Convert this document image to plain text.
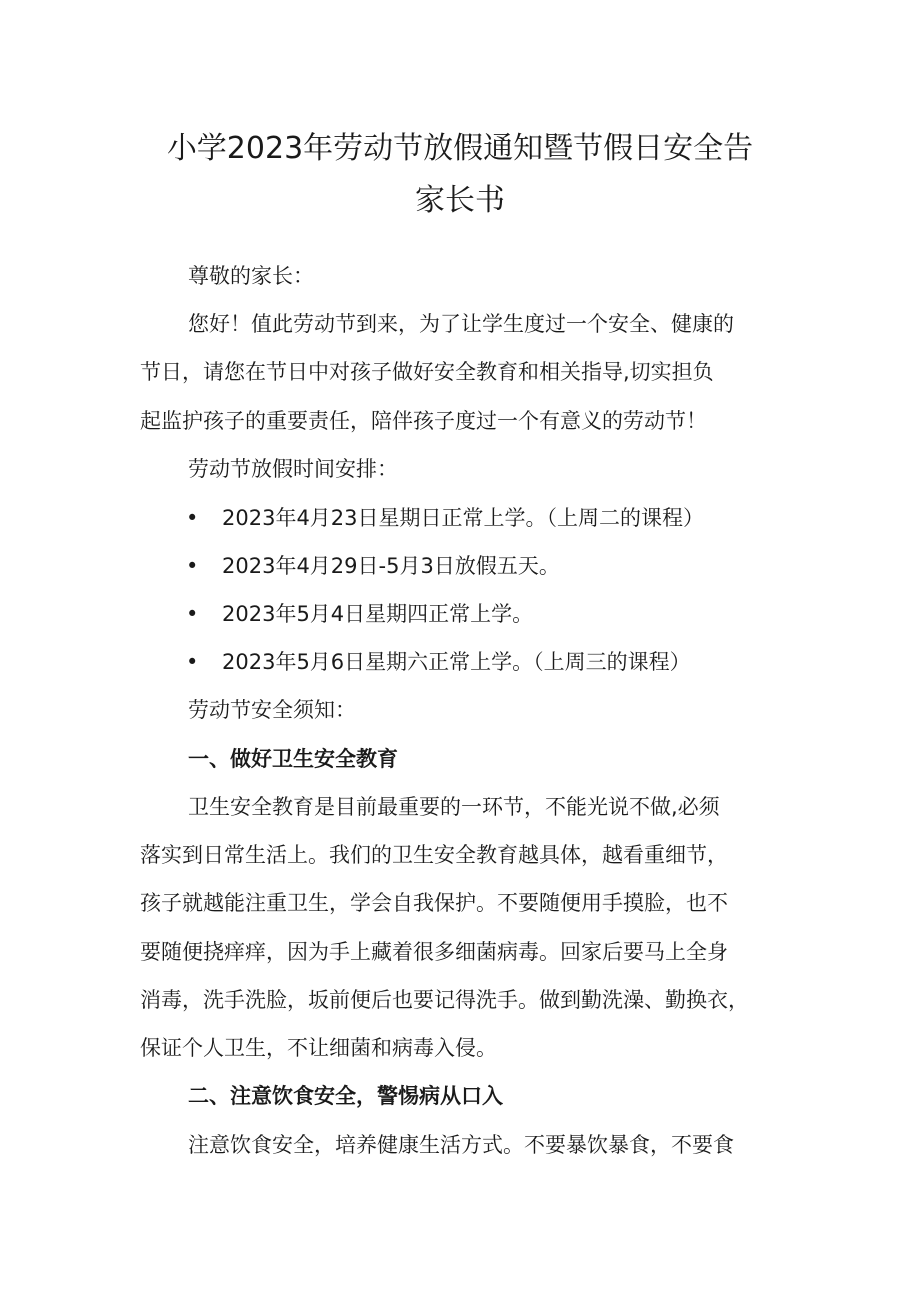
小学2023年劳动节放假通知暨节假日安全告
家长书

尊敬的家长：

您好！值此劳动节到来，为了让学生度过一个安全、健康的

节日，请您在节日中对孩子做好安全教育和相关指导,切实担负

起监护孩子的重要责任，陪伴孩子度过一个有意义的劳动节！

劳动节放假时间安排：

• 2023年4月23日星期日正常上学。（上周二的课程）
• 2023年4月29日-5月3日放假五天。
• 2023年5月4日星期四正常上学。
• 2023年5月6日星期六正常上学。（上周三的课程）

劳动节安全须知：

一、做好卫生安全教育

卫生安全教育是目前最重要的一环节，不能光说不做,必须

落实到日常生活上。我们的卫生安全教育越具体，越看重细节，

孩子就越能注重卫生，学会自我保护。不要随便用手摸脸，也不

要随便挠痒痒，因为手上藏着很多细菌病毒。回家后要马上全身

消毒，洗手洗脸，坂前便后也要记得洗手。做到勤洗澡、勤换衣，

保证个人卫生，不让细菌和病毒入侵。

二、注意饮食安全，警惕病从口入

注意饮食安全，培养健康生活方式。不要暴饮暴食，不要食
